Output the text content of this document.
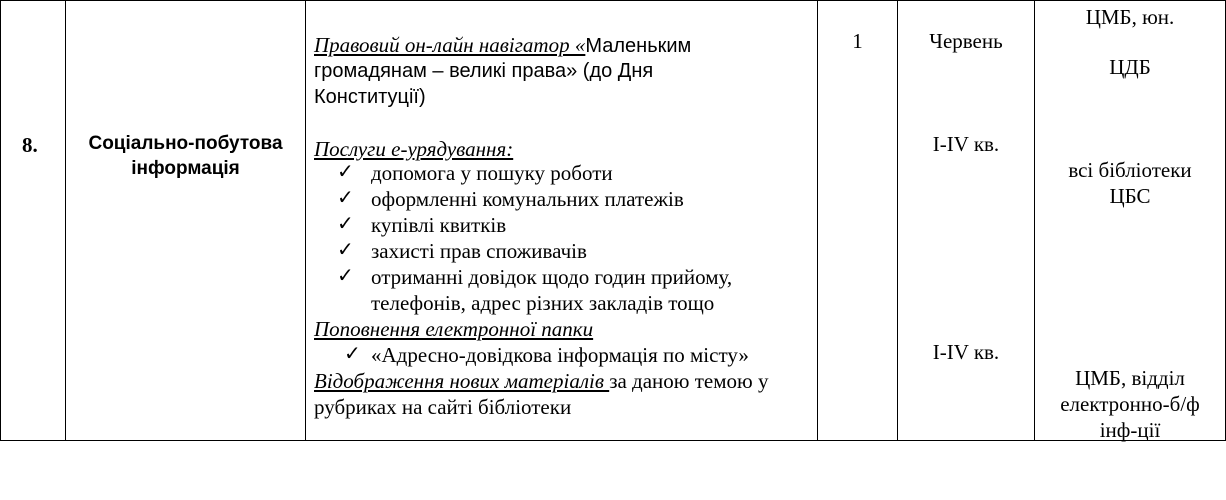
8.	Соціально-побутова
інформація
Правовий он-лайн навігатор «Маленьким
громадянам – великі права» (до Дня
Конституції)
Послуги е-урядування:
✓ допомога у пошуку роботи
✓ оформленні комунальних платежів
✓ купівлі квитків
✓ захисті прав споживачів
✓ отриманні довідок щодо годин прийому,
телефонів, адрес різних закладів тощо
Поповнення електронної папки
✓ «Адресно-довідкова інформація по місту»
Відображення нових матеріалів за даною темою у
рубриках на сайті бібліотеки
1	Червень
І-IV кв.
І-IV кв.
ЦМБ, юн.
ЦДБ
всі бібліотеки
ЦБС
ЦМБ, відділ
електронно-б/ф
інф-ції
